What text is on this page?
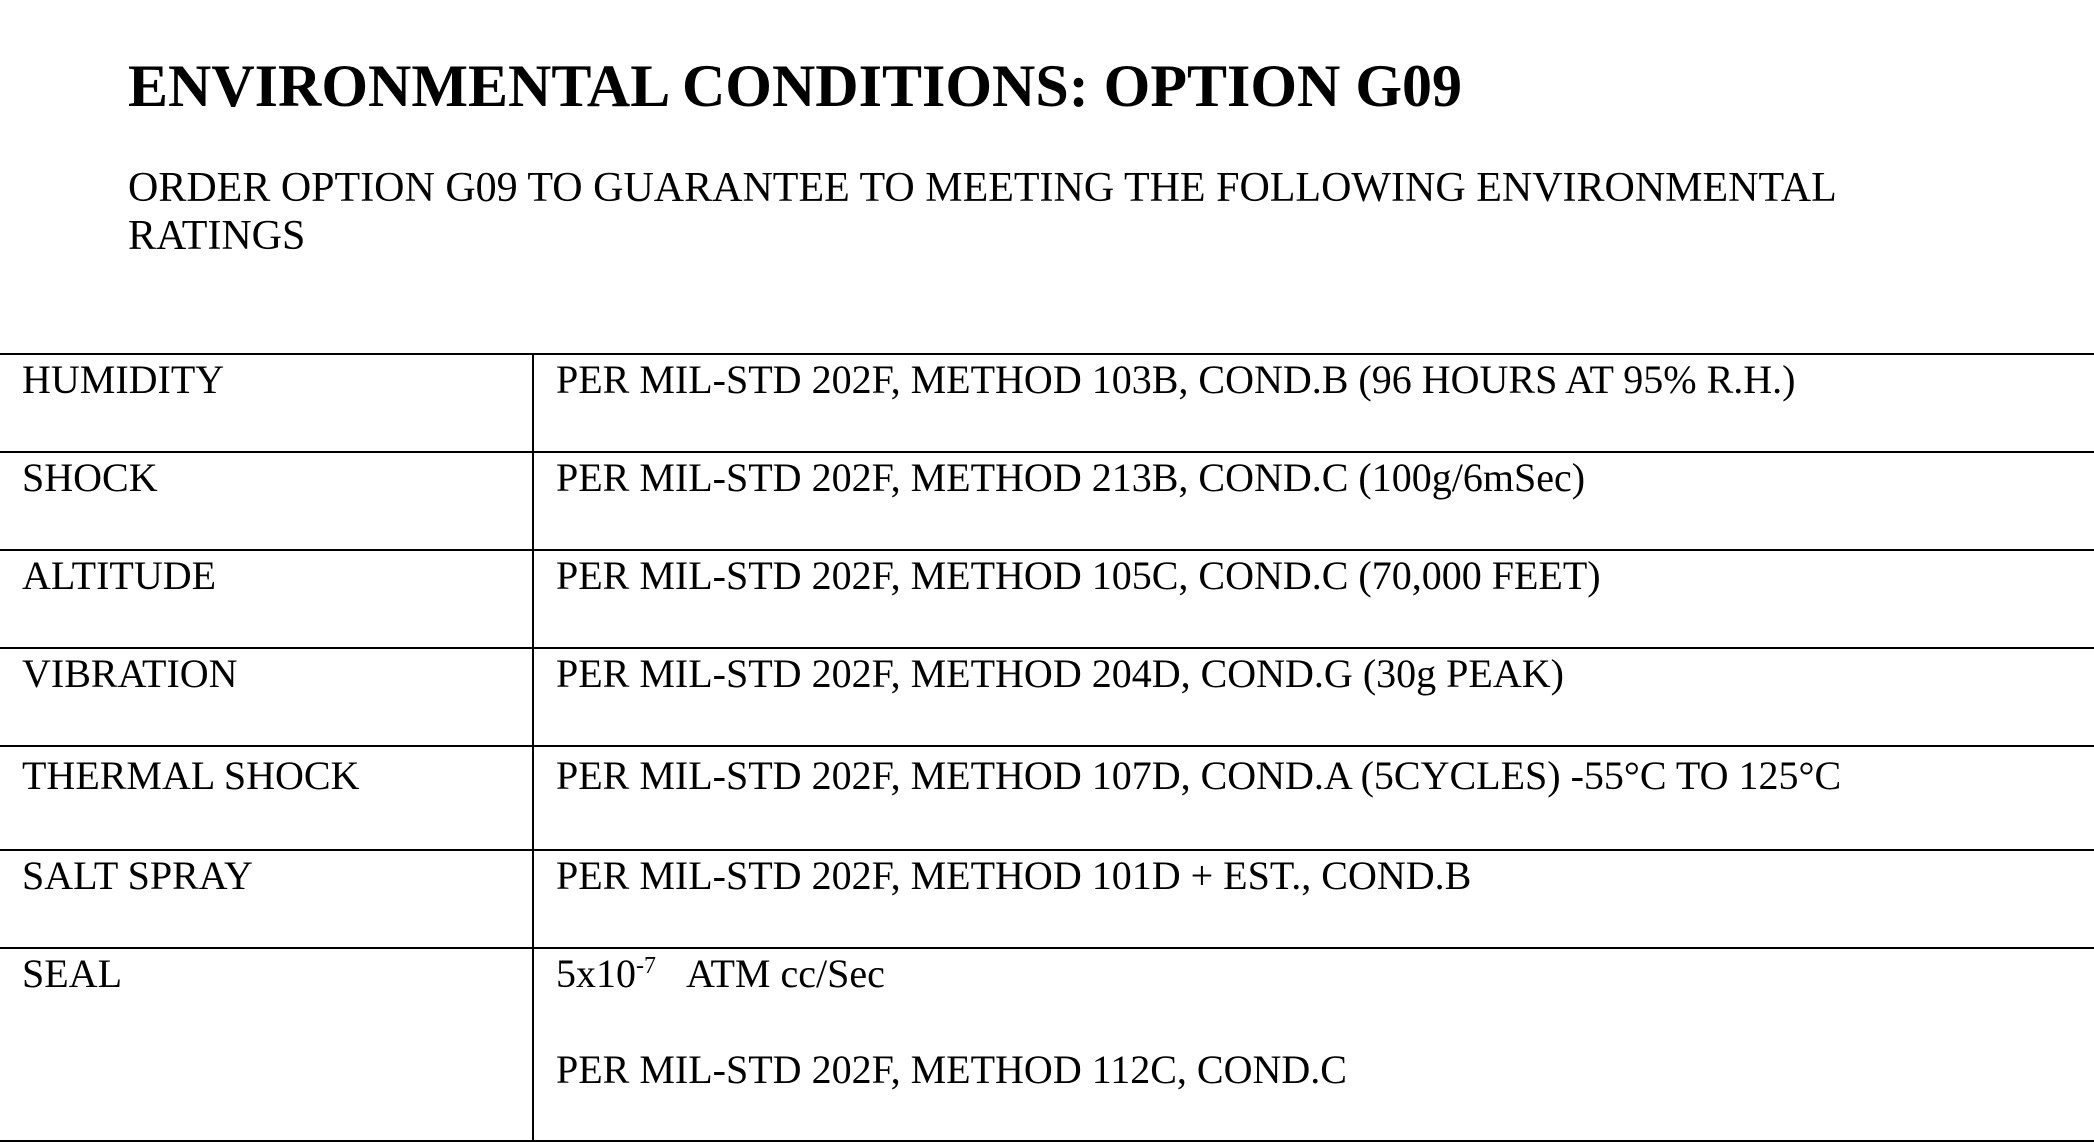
ENVIRONMENTAL CONDITIONS: OPTION G09

ORDER OPTION G09 TO GUARANTEE TO MEETING THE FOLLOWING ENVIRONMENTAL RATINGS

HUMIDITY	PER MIL-STD 202F, METHOD 103B, COND.B (96 HOURS AT 95% R.H.)
SHOCK	PER MIL-STD 202F, METHOD 213B, COND.C (100g/6mSec)
ALTITUDE	PER MIL-STD 202F, METHOD 105C, COND.C (70,000 FEET)
VIBRATION	PER MIL-STD 202F, METHOD 204D, COND.G (30g PEAK)
THERMAL SHOCK	PER MIL-STD 202F, METHOD 107D, COND.A (5CYCLES) -55°C TO 125°C
SALT SPRAY	PER MIL-STD 202F, METHOD 101D + EST., COND.B
SEAL	$5x10^{-7}$ ATM cc/Sec
PER MIL-STD 202F, METHOD 112C, COND.C
